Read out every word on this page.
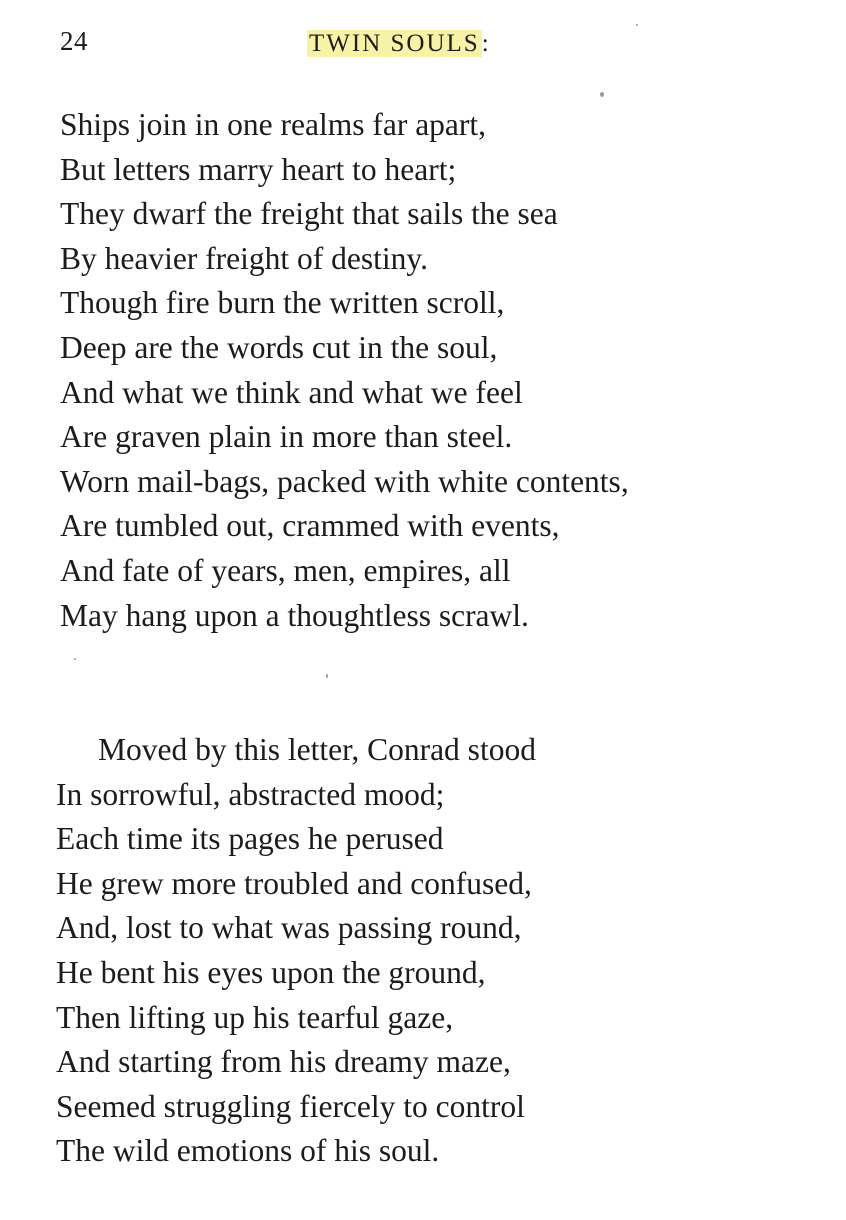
24	TWIN SOULS:
Ships join in one realms far apart,
But letters marry heart to heart;
They dwarf the freight that sails the sea
By heavier freight of destiny.
Though fire burn the written scroll,
Deep are the words cut in the soul,
And what we think and what we feel
Are graven plain in more than steel.
Worn mail-bags, packed with white contents,
Are tumbled out, crammed with events,
And fate of years, men, empires, all
May hang upon a thoughtless scrawl.
Moved by this letter, Conrad stood
In sorrowful, abstracted mood;
Each time its pages he perused
He grew more troubled and confused,
And, lost to what was passing round,
He bent his eyes upon the ground,
Then lifting up his tearful gaze,
And starting from his dreamy maze,
Seemed struggling fiercely to control
The wild emotions of his soul.
